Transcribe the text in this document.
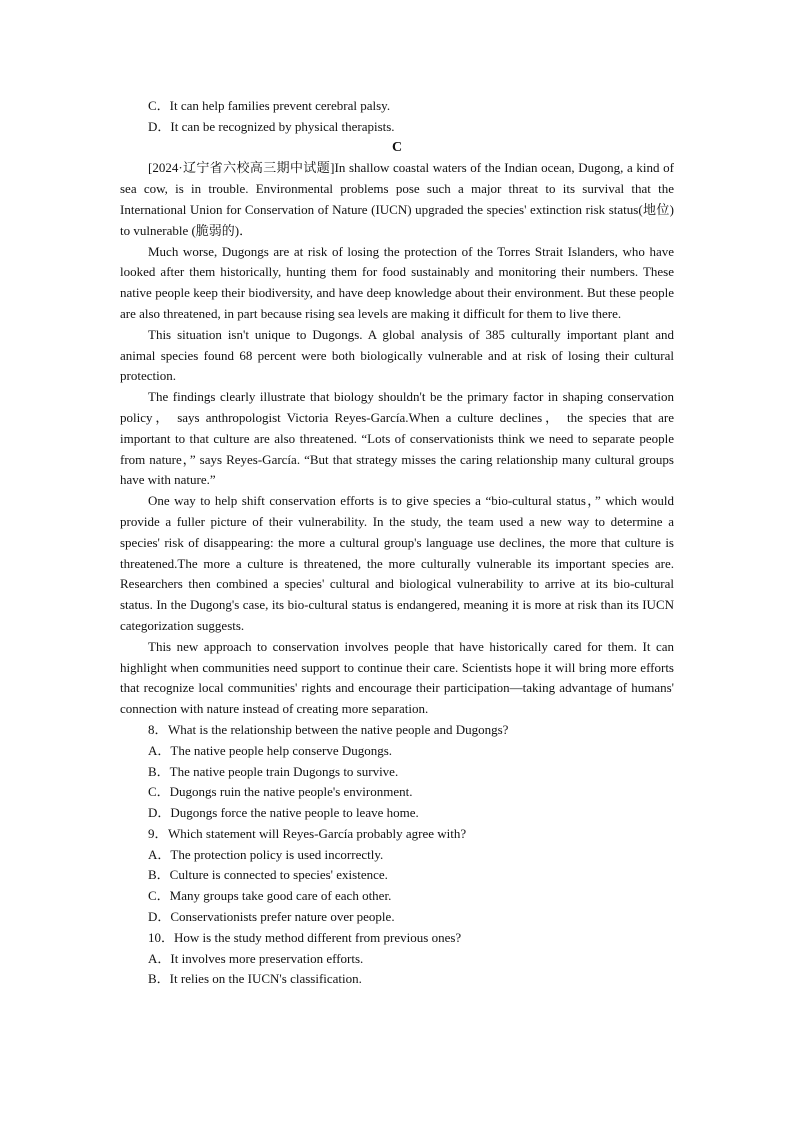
C．It can help families prevent cerebral palsy.
D．It can be recognized by physical therapists.
C
[2024·辽宁省六校高三期中试题]In shallow coastal waters of the Indian ocean, Dugong, a kind of sea cow, is in trouble. Environmental problems pose such a major threat to its survival that the International Union for Conservation of Nature (IUCN) upgraded the species' extinction risk status(地位) to vulnerable (脆弱的)．
Much worse, Dugongs are at risk of losing the protection of the Torres Strait Islanders, who have looked after them historically, hunting them for food sustainably and monitoring their numbers. These native people keep their biodiversity, and have deep knowledge about their environment. But these people are also threatened, in part because rising sea levels are making it difficult for them to live there.
This situation isn't unique to Dugongs. A global analysis of 385 culturally important plant and animal species found 68 percent were both biologically vulnerable and at risk of losing their cultural protection.
The findings clearly illustrate that biology shouldn't be the primary factor in shaping conservation policy， says anthropologist Victoria Reyes-García.When a culture declines， the species that are important to that culture are also threatened. “Lots of conservationists think we need to separate people from nature，” says Reyes-García. “But that strategy misses the caring relationship many cultural groups have with nature.”
One way to help shift conservation efforts is to give species a “bio-cultural status，” which would provide a fuller picture of their vulnerability. In the study, the team used a new way to determine a species' risk of disappearing: the more a cultural group's language use declines, the more that culture is threatened.The more a culture is threatened, the more culturally vulnerable its important species are. Researchers then combined a species' cultural and biological vulnerability to arrive at its bio-cultural status. In the Dugong's case, its bio-cultural status is endangered, meaning it is more at risk than its IUCN categorization suggests.
This new approach to conservation involves people that have historically cared for them. It can highlight when communities need support to continue their care. Scientists hope it will bring more efforts that recognize local communities' rights and encourage their participation—taking advantage of humans' connection with nature instead of creating more separation.
8．What is the relationship between the native people and Dugongs?
A．The native people help conserve Dugongs.
B．The native people train Dugongs to survive.
C．Dugongs ruin the native people's environment.
D．Dugongs force the native people to leave home.
9．Which statement will Reyes-García probably agree with?
A．The protection policy is used incorrectly.
B．Culture is connected to species' existence.
C．Many groups take good care of each other.
D．Conservationists prefer nature over people.
10．How is the study method different from previous ones?
A．It involves more preservation efforts.
B．It relies on the IUCN's classification.
